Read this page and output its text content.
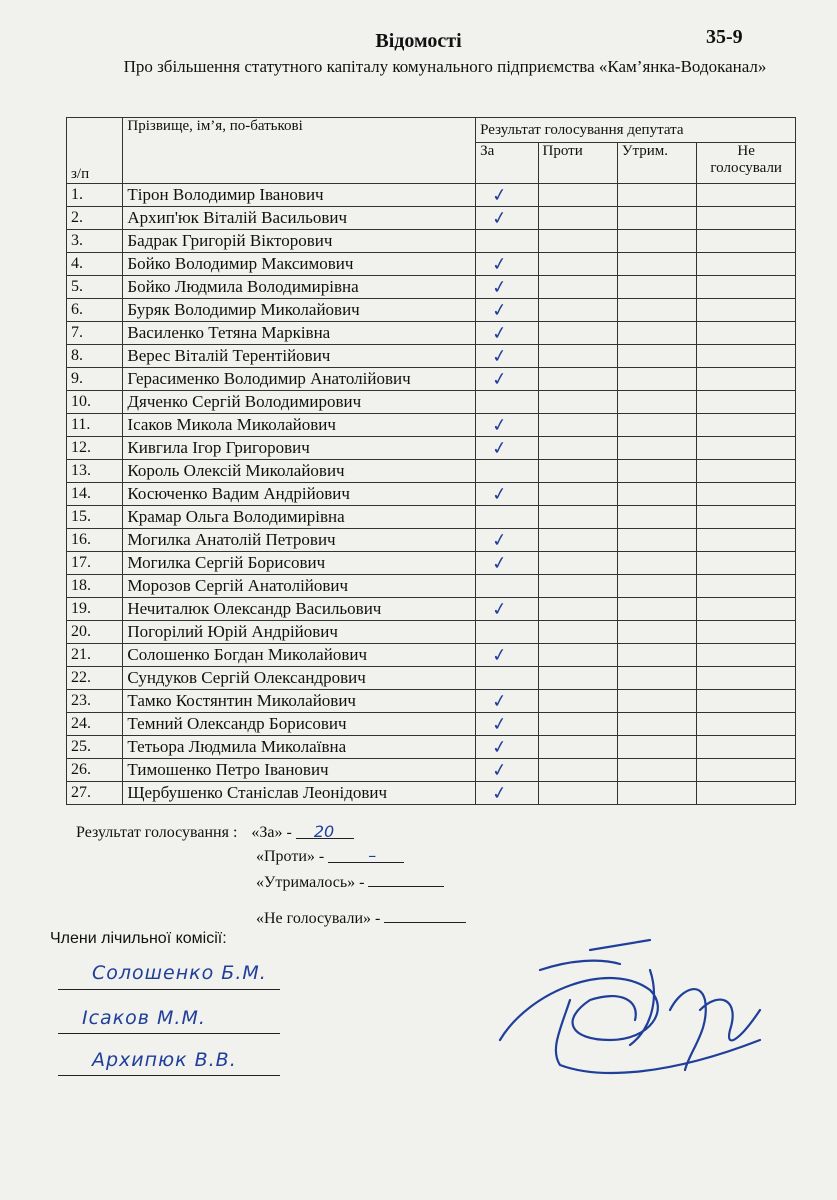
Відомості	35-9
Про збільшення статутного капіталу комунального підприємства «Кам’янка-Водоканал»
з/п	Прізвище, ім’я, по-батькові	Результат голосування депутата			
		За	Проти	Утрим.	Не голосували
1.	Тірон Володимир Іванович	✓			
2.	Архип'юк Віталій Васильович	✓			
3.	Бадрак Григорій Вікторович				
4.	Бойко Володимир Максимович	✓			
5.	Бойко Людмила Володимирівна	✓			
6.	Буряк Володимир Миколайович	✓			
7.	Василенко Тетяна Марківна	✓			
8.	Верес Віталій Терентійович	✓			
9.	Герасименко Володимир Анатолійович	✓			
10.	Дяченко Сергій Володимирович				
11.	Ісаков Микола Миколайович	✓			
12.	Кивгила Ігор Григорович	✓			
13.	Король Олексій Миколайович				
14.	Косюченко Вадим Андрійович	✓			
15.	Крамар Ольга Володимирівна				
16.	Могилка Анатолій Петрович	✓			
17.	Могилка Сергій Борисович	✓			
18.	Морозов Сергій Анатолійович				
19.	Нечиталюк Олександр Васильович	✓			
20.	Погорілий Юрій Андрійович				
21.	Солошенко Богдан Миколайович	✓			
22.	Сундуков Сергій Олександрович				
23.	Тамко Костянтин Миколайович	✓			
24.	Темний Олександр Борисович	✓			
25.	Тетьора Людмила Миколаївна	✓			
26.	Тимошенко Петро Іванович	✓			
27.	Щербушенко Станіслав Леонідович	✓			
Результат голосування : «За» - 20
«Проти» -	–
«Утрималось» -
«Не голосували» -
Члени лічильної комісії:
Солошенко Б.М.
Ісаков М.М.
Архипюк В.В.
